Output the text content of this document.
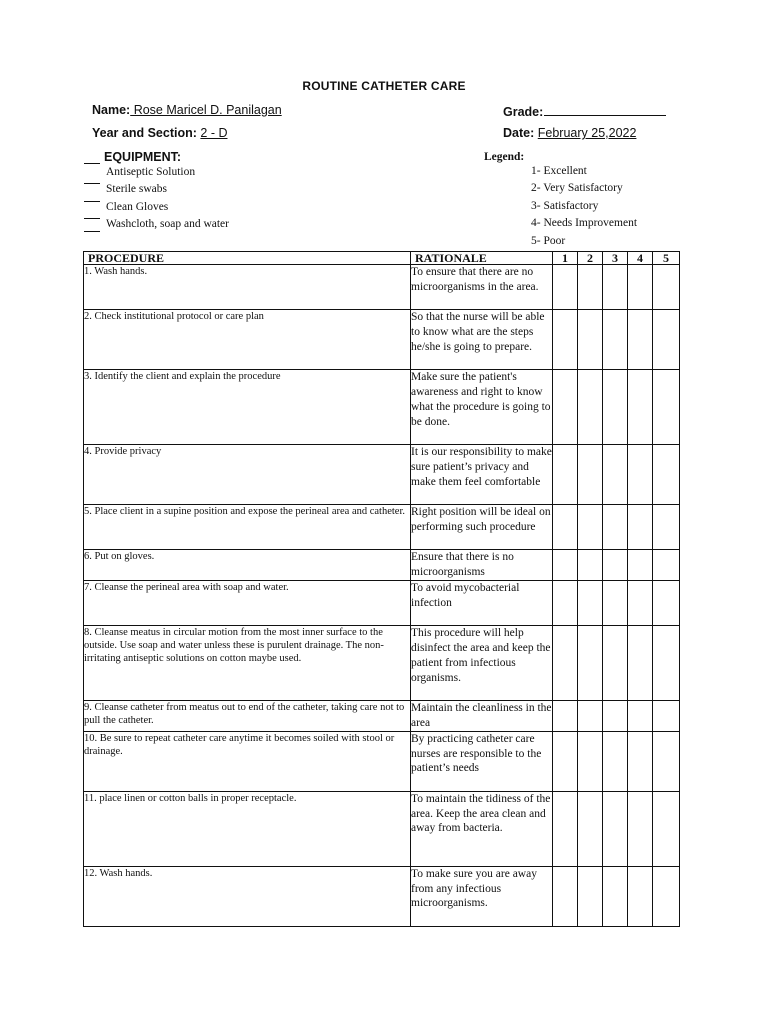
ROUTINE CATHETER CARE
Name: Rose Maricel D. Panilagan	Grade:
Year and Section: 2 - D	Date: February 25,2022
EQUIPMENT:
Antiseptic Solution
Sterile swabs
Clean Gloves
Washcloth, soap and water
Legend:
1- Excellent
2- Very Satisfactory
3- Satisfactory
4- Needs Improvement
5- Poor
PROCEDURE	RATIONALE	1	2	3	4	5
1. Wash hands.	To ensure that there are no microorganisms in the area.					
2. Check institutional protocol or care plan	So that the nurse will be able to know what are the steps he/she is going to prepare.					
3. Identify the client and explain the procedure	Make sure the patient's awareness and right to know what the procedure is going to be done.					
4. Provide privacy	It is our responsibility to make sure patient’s privacy and make them feel comfortable					
5. Place client in a supine position and expose the perineal area and catheter.	Right position will be ideal on performing such procedure					
6. Put on gloves.	Ensure that there is no microorganisms					
7. Cleanse the perineal area with soap and water.	To avoid mycobacterial infection					
8. Cleanse meatus in circular motion from the most inner surface to the outside. Use soap and water unless these is purulent drainage. The non-irritating antiseptic solutions on cotton maybe used.	This procedure will help disinfect the area and keep the patient from infectious organisms.					
9. Cleanse catheter from meatus out to end of the catheter, taking care not to pull the catheter.	Maintain the cleanliness in the area					
10. Be sure to repeat catheter care anytime it becomes soiled with stool or drainage.	By practicing catheter care nurses are responsible to the patient’s needs					
11. place linen or cotton balls in proper receptacle.	To maintain the tidiness of the area. Keep the area clean and away from bacteria.					
12. Wash hands.	To make sure you are away from any infectious microorganisms.					
